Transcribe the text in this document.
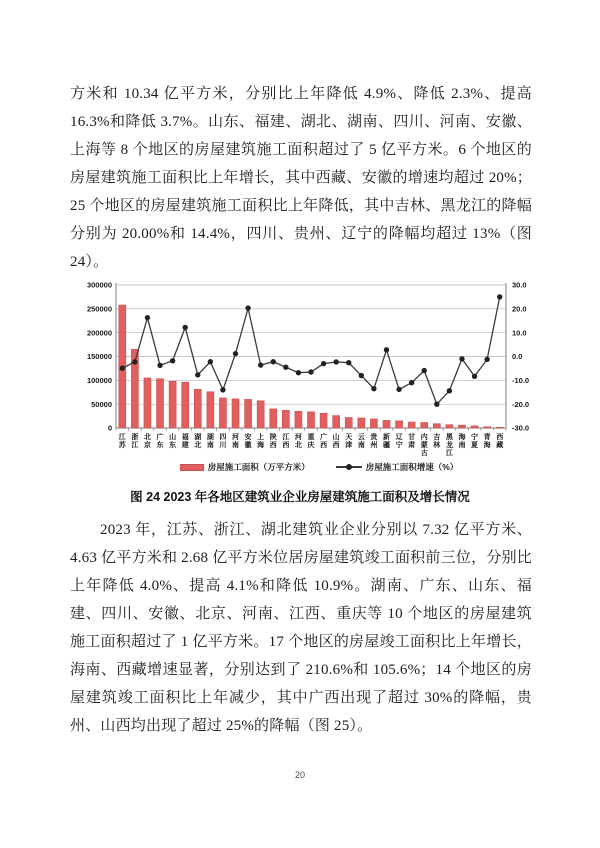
方米和 10.34 亿平方米，分别比上年降低 4.9%、降低 2.3%、提高 16.3%和降低 3.7%。山东、福建、湖北、湖南、四川、河南、安徽、上海等 8 个地区的房屋建筑施工面积超过了 5 亿平方米。6 个地区的房屋建筑施工面积比上年增长，其中西藏、安徽的增速均超过 20%；25 个地区的房屋建筑施工面积比上年降低，其中吉林、黑龙江的降幅分别为 20.00%和 14.4%，四川、贵州、辽宁的降幅均超过 13%（图 24）。
0
50000
100000
150000
200000
250000
300000
-30.0
-20.0
-10.0
0.0
10.0
20.0
30.0
江
苏
浙
江
北
京
广
东
山
东
福
建
湖
北
湖
南
四
川
河
南
安
徽
上
海
陕
西
江
西
河
北
重
庆
广
西
山
西
天
津
云
南
贵
州
新
疆
辽
宁
甘
肃
内
蒙
古
吉
林
黑
龙
江
海
南
宁
夏
青
海
西
藏
房屋施工面积（万平方米）	房屋施工面积增速（%）
图 24 2023 年各地区建筑业企业房屋建筑施工面积及增长情况
2023 年，江苏、浙江、湖北建筑业企业分别以 7.32 亿平方米、4.63 亿平方米和 2.68 亿平方米位居房屋建筑竣工面积前三位，分别比上年降低 4.0%、提高 4.1%和降低 10.9%。湖南、广东、山东、福建、四川、安徽、北京、河南、江西、重庆等 10 个地区的房屋建筑施工面积超过了 1 亿平方米。17 个地区的房屋竣工面积比上年增长，海南、西藏增速显著，分别达到了 210.6%和 105.6%；14 个地区的房屋建筑竣工面积比上年减少，其中广西出现了超过 30%的降幅，贵州、山西均出现了超过 25%的降幅（图 25）。
20
